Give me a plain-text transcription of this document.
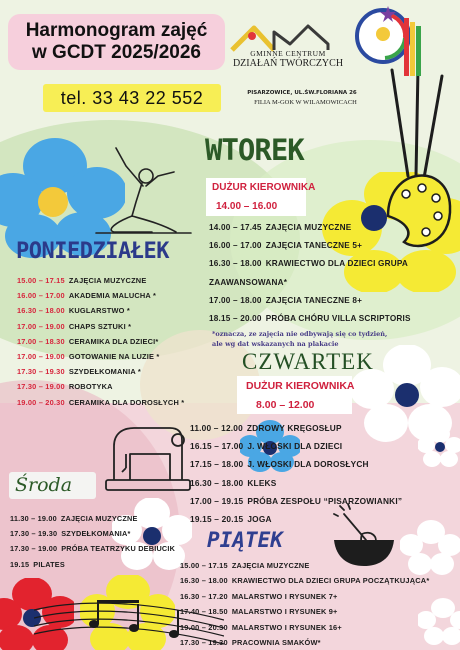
Harmonogram zajęć
w GCDT 2025/2026
tel. 33 43 22 552
GMINNE CENTRUM
DZIAŁAŃ TWÓRCZYCH
PISARZOWICE, UL.ŚW.FLORIANA 26
FILIA M-GOK W WILAMOWICACH
WTOREK
DUŻUR KIEROWNIKA
14.00 – 16.00
14.00 – 17.45 ZAJĘCIA MUZYCZNE
16.00 – 17.00 ZAJĘCIA TANECZNE 5+
16.30 – 18.00 KRAWIECTWO DLA DZIECI GRUPA
ZAAWANSOWANA*
17.00 – 18.00 ZAJĘCIA TANECZNE 8+
18.15 – 20.00 PRÓBA CHÓRU VILLA SCRIPTORIS
*oznacza, ze zajęcia nie odbywają się co tydzień,
ale wg dat wskazanych na plakacie
PONIEDZIAŁEK
15.00 – 17.15 ZAJĘCIA MUZYCZNE
16.00 – 17.00 AKADEMIA MALUCHA *
16.30 – 18.00 KUGLARSTWO *
17.00 – 19.00 CHAPS SZTUKI *
17.00 – 18.30 CERAMIKA DLA DZIECI*
17.00 – 19.00 GOTOWANIE NA LUZIE *
17.30 – 19.30 SZYDEŁKOMANIA *
17.30 – 19.00 ROBOTYKA
19.00 – 20.30 CERAMIKA DLA DOROSŁYCH *
CZWARTEK
DUŻUR KIEROWNIKA
8.00 – 12.00
11.00 – 12.00 ZDROWY KRĘGOSŁUP
16.15 – 17.00 J. WŁOSKI DLA DZIECI
17.15 – 18.00 J. WŁOSKI DLA DOROSŁYCH
16.30 – 18.00 KLEKS
17.00 – 19.15 PRÓBA ZESPOŁU “PISARZOWIANKI”
19.15 – 20.15 JOGA
Środa
11.30 – 19.00 ZAJĘCIA MUZYCZNE
17.30 – 19.30 SZYDEŁKOMANIA*
17.30 – 19.00 PRÓBA TEATRZYKU DEBIUCIK
19.15 PILATES
PIĄTEK
15.00 – 17.15 ZAJĘCIA MUZYCZNE
16.30 – 18.00 KRAWIECTWO DLA DZIECI GRUPA POCZĄTKUJĄCA*
16.30 – 17.20 MALARSTWO I RYSUNEK 7+
17.40 – 18.50 MALARSTWO I RYSUNEK 9+
19.00 – 20.30 MALARSTWO I RYSUNEK 16+
17.30 – 19.30 PRACOWNIA SMAKÓW*
